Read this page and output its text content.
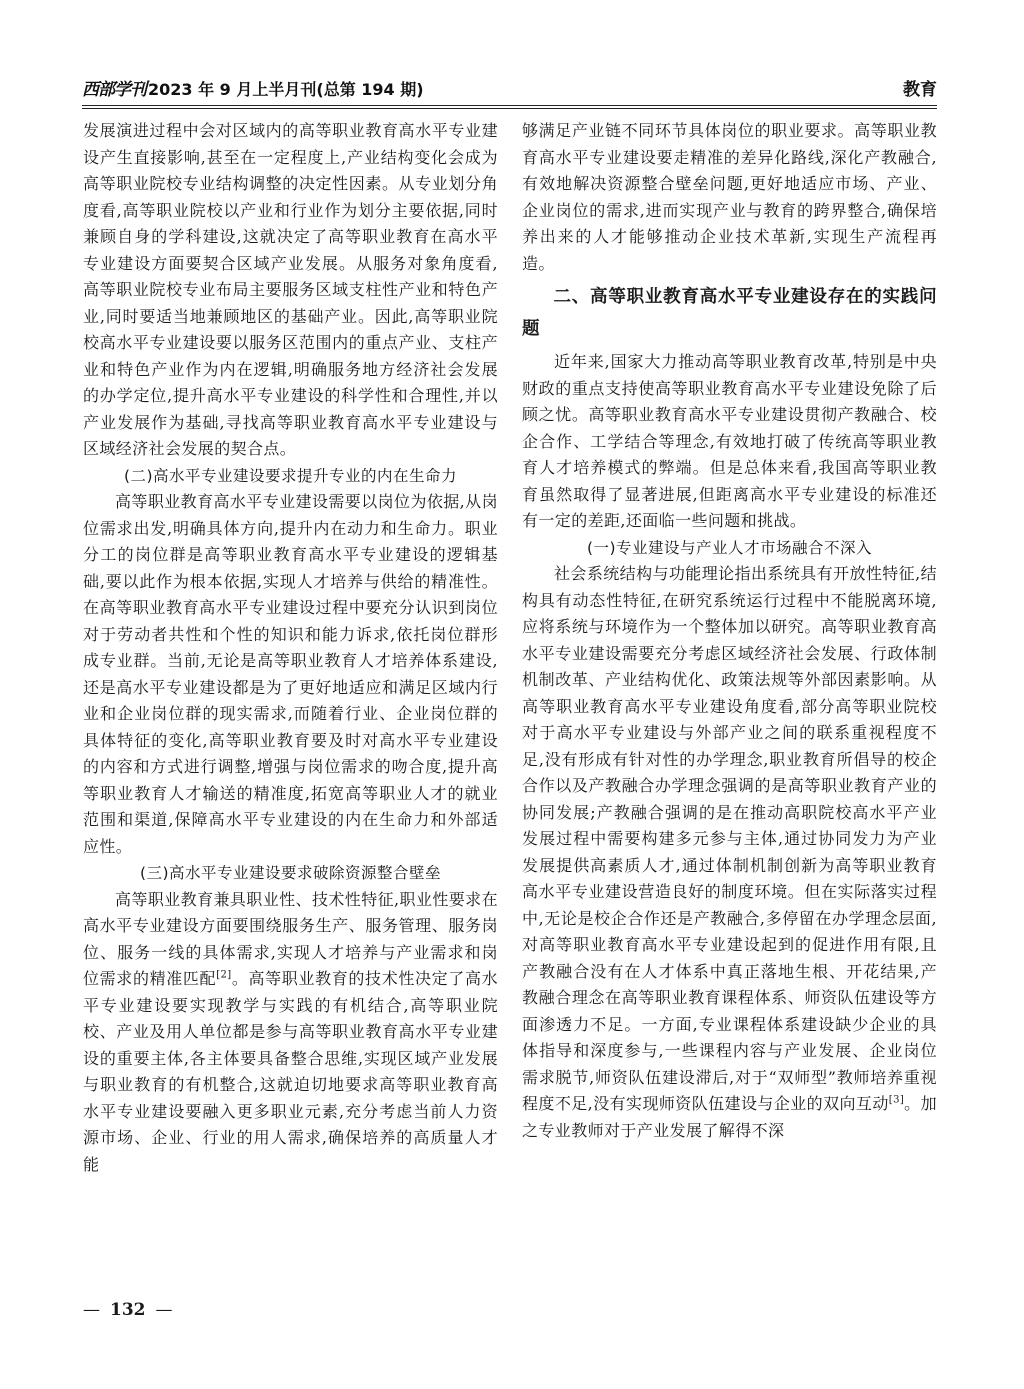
西部学刊 2023 年 9 月上半月刊(总第 194 期)	教育

发展演进过程中会对区域内的高等职业教育高水平专业建设产生直接影响,甚至在一定程度上,产业结构变化会成为高等职业院校专业结构调整的决定性因素。从专业划分角度看,高等职业院校以产业和行业作为划分主要依据,同时兼顾自身的学科建设,这就决定了高等职业教育在高水平专业建设方面要契合区域产业发展。从服务对象角度看,高等职业院校专业布局主要服务区域支柱性产业和特色产业,同时要适当地兼顾地区的基础产业。因此,高等职业院校高水平专业建设要以服务区范围内的重点产业、支柱产业和特色产业作为内在逻辑,明确服务地方经济社会发展的办学定位,提升高水平专业建设的科学性和合理性,并以产业发展作为基础,寻找高等职业教育高水平专业建设与区域经济社会发展的契合点。

(二)高水平专业建设要求提升专业的内在生命力

高等职业教育高水平专业建设需要以岗位为依据,从岗位需求出发,明确具体方向,提升内在动力和生命力。职业分工的岗位群是高等职业教育高水平专业建设的逻辑基础,要以此作为根本依据,实现人才培养与供给的精准性。在高等职业教育高水平专业建设过程中要充分认识到岗位对于劳动者共性和个性的知识和能力诉求,依托岗位群形成专业群。当前,无论是高等职业教育人才培养体系建设,还是高水平专业建设都是为了更好地适应和满足区域内行业和企业岗位群的现实需求,而随着行业、企业岗位群的具体特征的变化,高等职业教育要及时对高水平专业建设的内容和方式进行调整,增强与岗位需求的吻合度,提升高等职业教育人才输送的精准度,拓宽高等职业人才的就业范围和渠道,保障高水平专业建设的内在生命力和外部适应性。

(三)高水平专业建设要求破除资源整合壁垒

高等职业教育兼具职业性、技术性特征,职业性要求在高水平专业建设方面要围绕服务生产、服务管理、服务岗位、服务一线的具体需求,实现人才培养与产业需求和岗位需求的精准匹配[2]。高等职业教育的技术性决定了高水平专业建设要实现教学与实践的有机结合,高等职业院校、产业及用人单位都是参与高等职业教育高水平专业建设的重要主体,各主体要具备整合思维,实现区域产业发展与职业教育的有机整合,这就迫切地要求高等职业教育高水平专业建设要融入更多职业元素,充分考虑当前人力资源市场、企业、行业的用人需求,确保培养的高质量人才能

够满足产业链不同环节具体岗位的职业要求。高等职业教育高水平专业建设要走精准的差异化路线,深化产教融合,有效地解决资源整合壁垒问题,更好地适应市场、产业、企业岗位的需求,进而实现产业与教育的跨界整合,确保培养出来的人才能够推动企业技术革新,实现生产流程再造。

二、高等职业教育高水平专业建设存在的实践问题

近年来,国家大力推动高等职业教育改革,特别是中央财政的重点支持使高等职业教育高水平专业建设免除了后顾之忧。高等职业教育高水平专业建设贯彻产教融合、校企合作、工学结合等理念,有效地打破了传统高等职业教育人才培养模式的弊端。但是总体来看,我国高等职业教育虽然取得了显著进展,但距离高水平专业建设的标准还有一定的差距,还面临一些问题和挑战。

(一)专业建设与产业人才市场融合不深入

社会系统结构与功能理论指出系统具有开放性特征,结构具有动态性特征,在研究系统运行过程中不能脱离环境,应将系统与环境作为一个整体加以研究。高等职业教育高水平专业建设需要充分考虑区域经济社会发展、行政体制机制改革、产业结构优化、政策法规等外部因素影响。从高等职业教育高水平专业建设角度看,部分高等职业院校对于高水平专业建设与外部产业之间的联系重视程度不足,没有形成有针对性的办学理念,职业教育所倡导的校企合作以及产教融合办学理念强调的是高等职业教育产业的协同发展;产教融合强调的是在推动高职院校高水平产业发展过程中需要构建多元参与主体,通过协同发力为产业发展提供高素质人才,通过体制机制创新为高等职业教育高水平专业建设营造良好的制度环境。但在实际落实过程中,无论是校企合作还是产教融合,多停留在办学理念层面,对高等职业教育高水平专业建设起到的促进作用有限,且产教融合没有在人才体系中真正落地生根、开花结果,产教融合理念在高等职业教育课程体系、师资队伍建设等方面渗透力不足。一方面,专业课程体系建设缺少企业的具体指导和深度参与,一些课程内容与产业发展、企业岗位需求脱节,师资队伍建设滞后,对于“双师型”教师培养重视程度不足,没有实现师资队伍建设与企业的双向互动[3]。加之专业教师对于产业发展了解得不深

— 132 —
